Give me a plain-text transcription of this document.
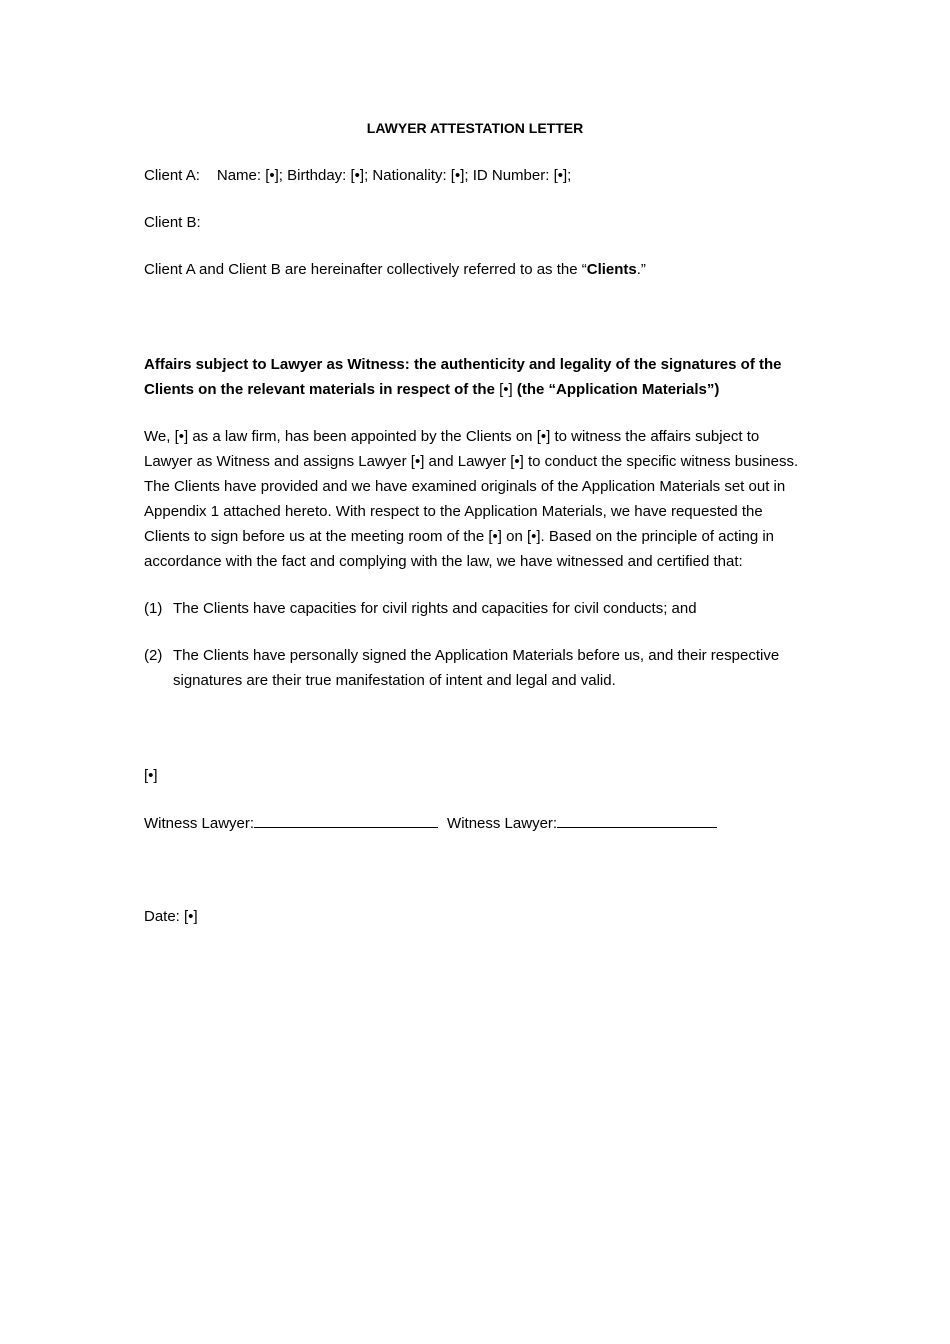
LAWYER ATTESTATION LETTER
Client A: Name: [•]; Birthday: [•]; Nationality: [•]; ID Number: [•];
Client B:
Client A and Client B are hereinafter collectively referred to as the “Clients.”
Affairs subject to Lawyer as Witness: the authenticity and legality of the signatures of the Clients on the relevant materials in respect of the [•] (the “Application Materials”)
We, [•] as a law firm, has been appointed by the Clients on [•] to witness the affairs subject to Lawyer as Witness and assigns Lawyer [•] and Lawyer [•] to conduct the specific witness business. The Clients have provided and we have examined originals of the Application Materials set out in Appendix 1 attached hereto. With respect to the Application Materials, we have requested the Clients to sign before us at the meeting room of the [•] on [•]. Based on the principle of acting in accordance with the fact and complying with the law, we have witnessed and certified that:
(1) The Clients have capacities for civil rights and capacities for civil conducts; and
(2) The Clients have personally signed the Application Materials before us, and their respective signatures are their true manifestation of intent and legal and valid.
[•]
Witness Lawyer:	Witness Lawyer:
Date: [•]
